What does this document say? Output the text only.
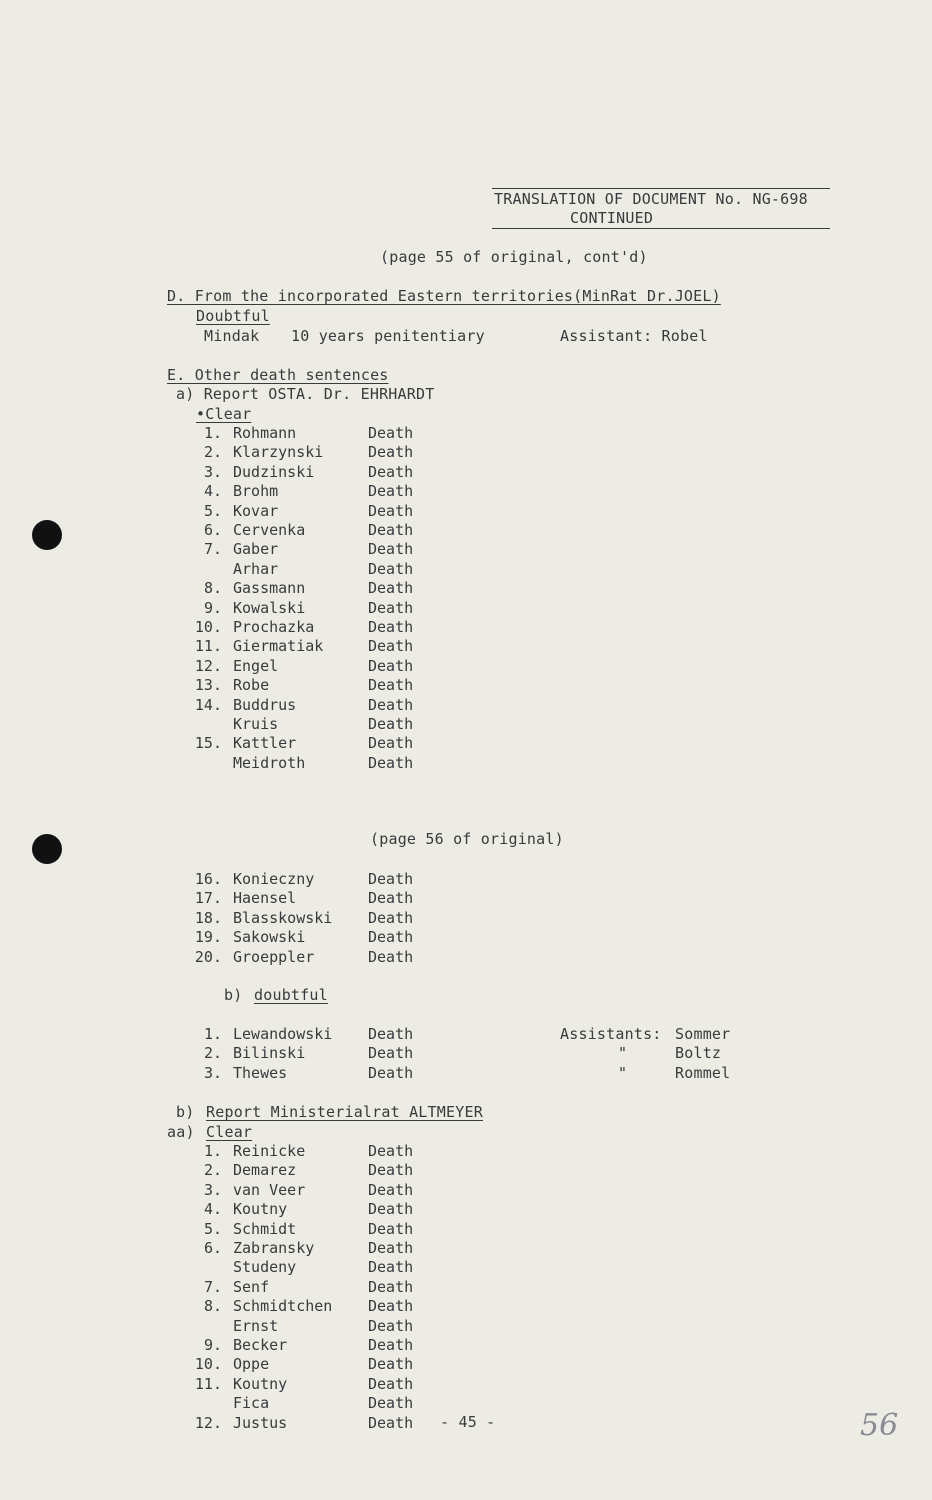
TRANSLATION OF DOCUMENT No. NG-698
CONTINUED
(page 55 of original, cont'd)
D. From the incorporated Eastern territories(MinRat Dr.JOEL)
Doubtful
Mindak 10 years penitentiary	Assistant: Robel
E. Other death sentences
a) Report OSTA. Dr. EHRHARDT
•Clear
1. Rohmann	Death
2. Klarzynski	Death
3. Dudzinski	Death
4. Brohm	Death
5. Kovar	Death
6. Cervenka	Death
7. Gaber	Death
Arhar	Death
8. Gassmann	Death
9. Kowalski	Death
10. Prochazka	Death
11. Giermatiak	Death
12. Engel	Death
13. Robe	Death
14. Buddrus	Death
Kruis	Death
15. Kattler	Death
Meidroth	Death
(page 56 of original)
16. Konieczny	Death
17. Haensel	Death
18. Blasskowski Death
19. Sakowski	Death
20. Groeppler	Death
b) doubtful
1. Lewandowski Death	Assistants: Sommer
2. Bilinski	Death	"	Boltz
3. Thewes	Death	"	Rommel
b) Report Ministerialrat ALTMEYER
aa) Clear
1. Reinicke	Death
2. Demarez	Death
3. van Veer	Death
4. Koutny	Death
5. Schmidt	Death
6. Zabransky	Death
Studeny	Death
7. Senf	Death
8. Schmidtchen Death
Ernst	Death
9. Becker	Death
10. Oppe	Death
11. Koutny	Death
Fica	Death
12. Justus	Death - 45 -	56
